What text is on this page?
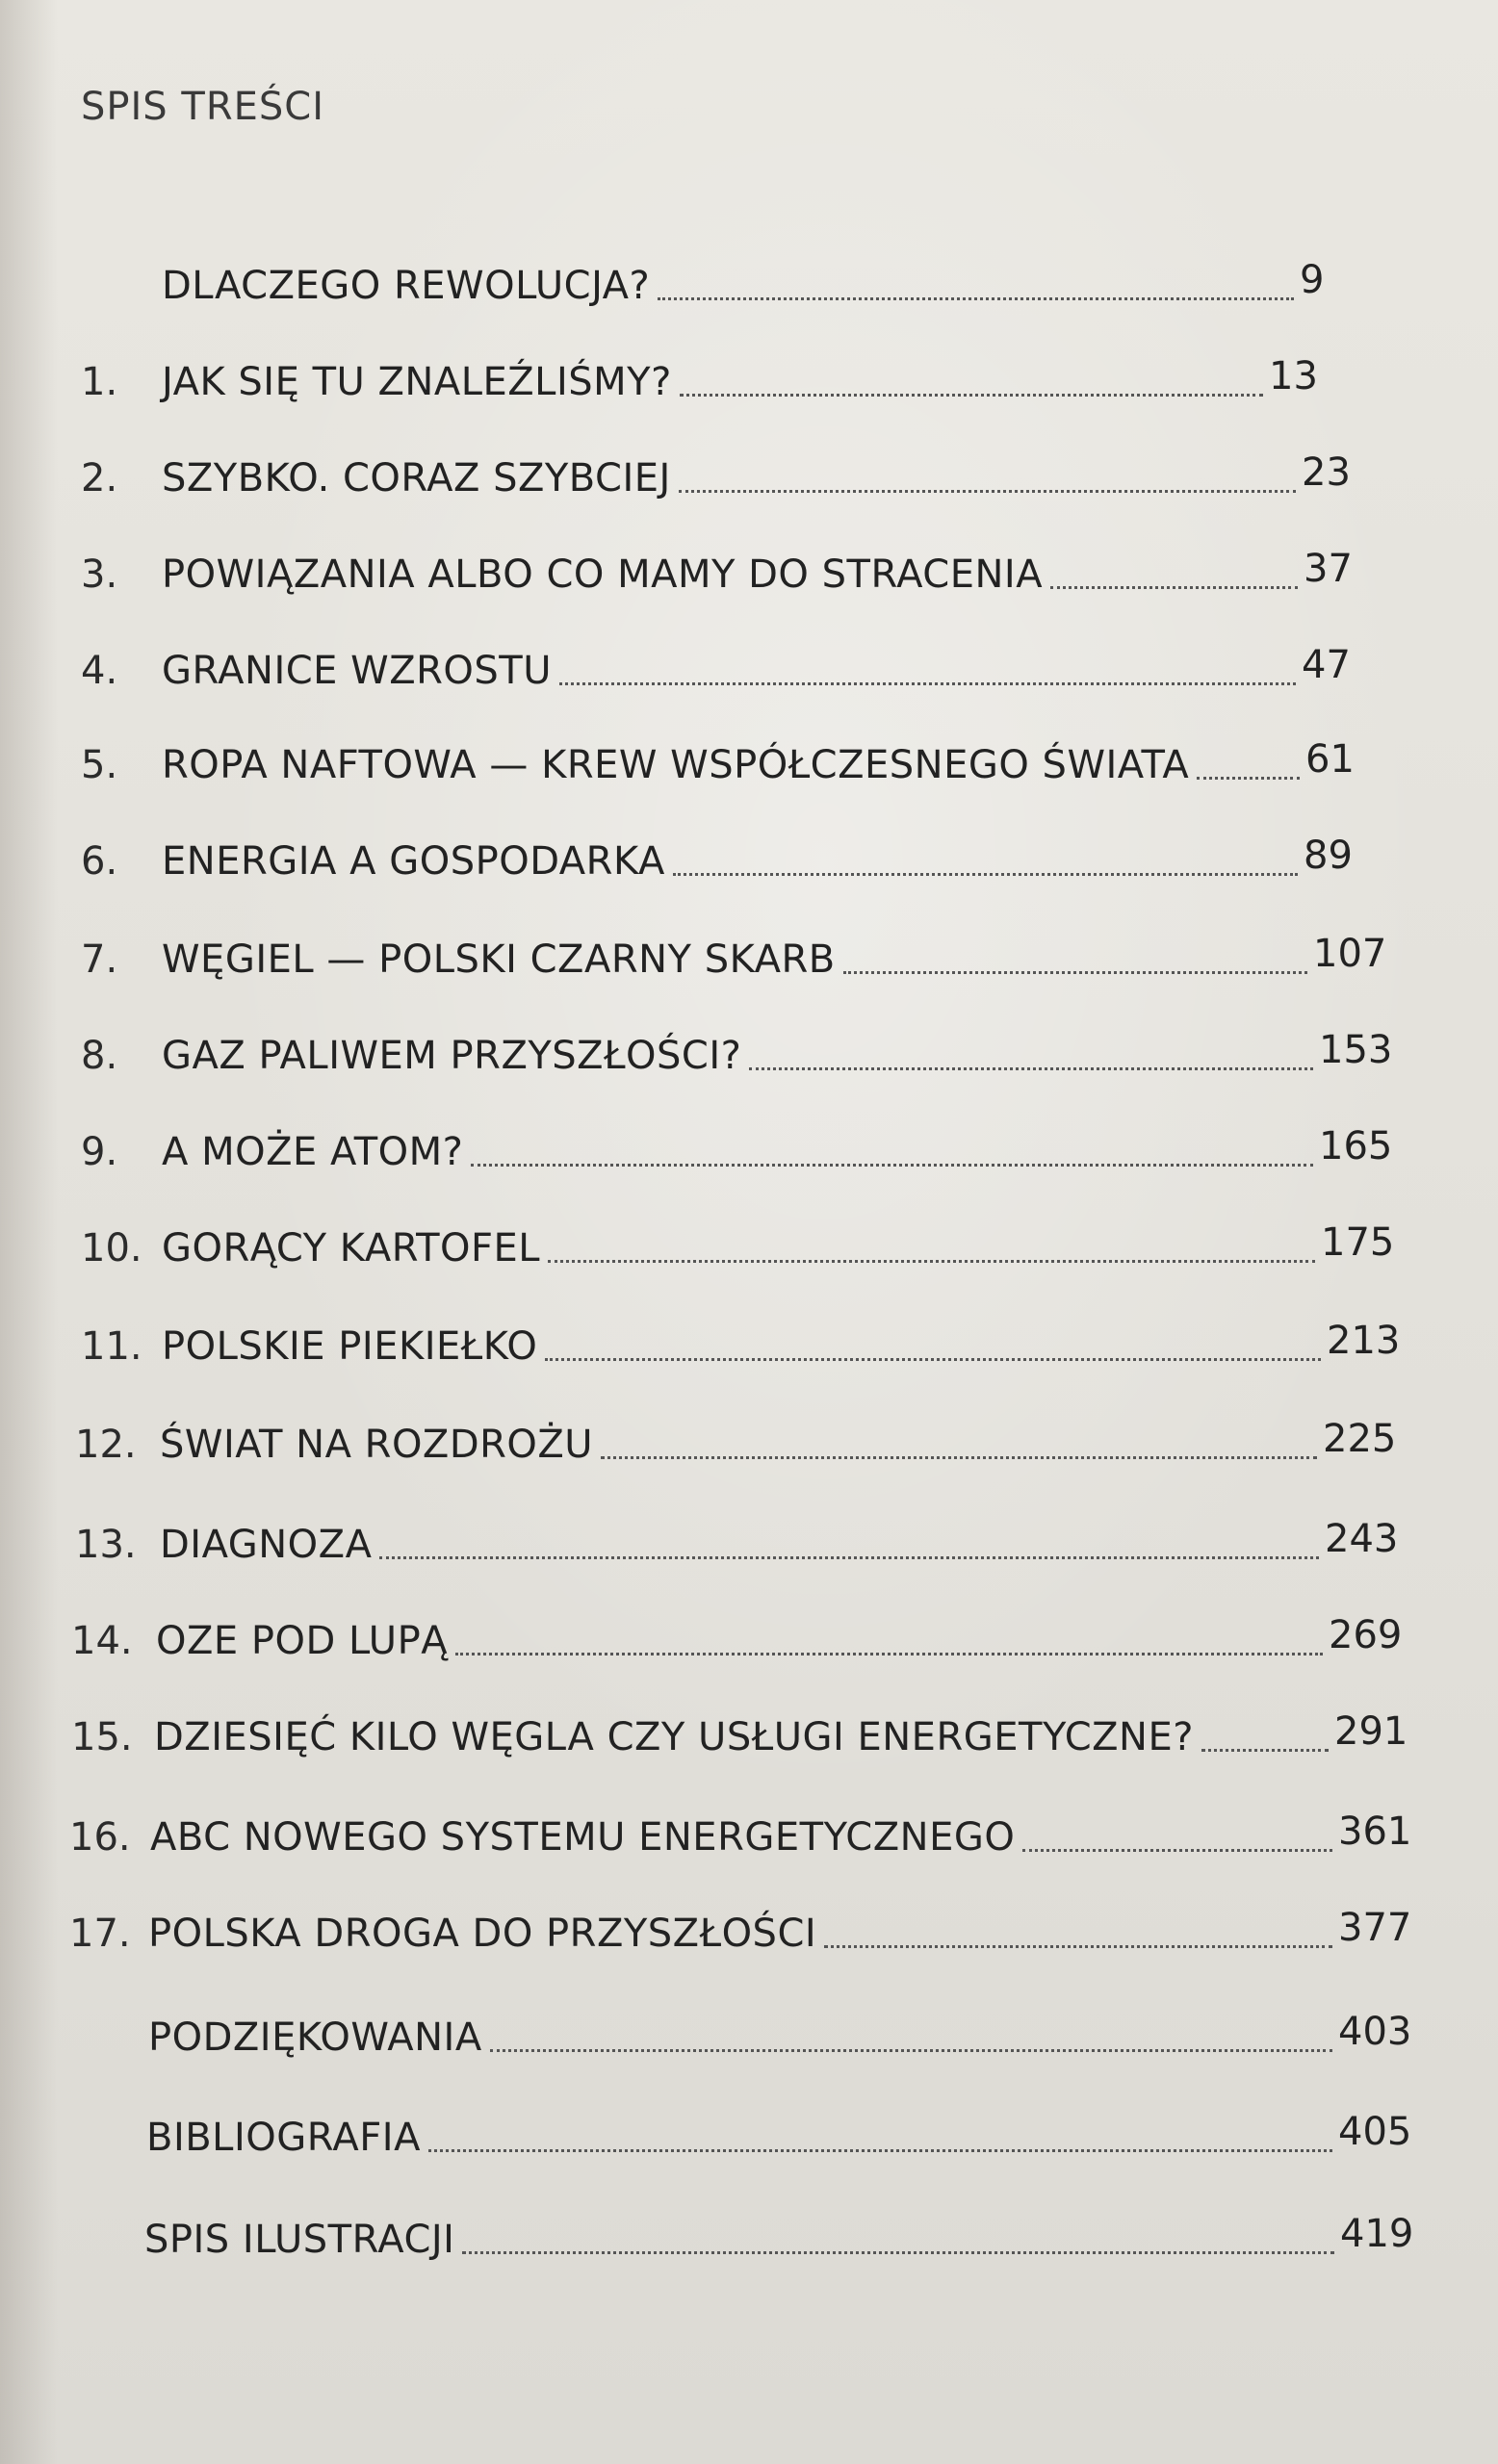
SPIS TREŚCI
DLACZEGO REWOLUCJA?	9
1. JAK SIĘ TU ZNALEŹLIŚMY?	13
2. SZYBKO. CORAZ SZYBCIEJ	23
3. POWIĄZANIA ALBO CO MAMY DO STRACENIA	37
4. GRANICE WZROSTU	47
5. ROPA NAFTOWA — KREW WSPÓŁCZESNEGO ŚWIATA	61
6. ENERGIA A GOSPODARKA	89
7. WĘGIEL — POLSKI CZARNY SKARB	107
8. GAZ PALIWEM PRZYSZŁOŚCI?	153
9. A MOŻE ATOM?	165
10. GORĄCY KARTOFEL	175
11. POLSKIE PIEKIEŁKO	213
12. ŚWIAT NA ROZDROŻU	225
13. DIAGNOZA	243
14. OZE POD LUPĄ	269
15. DZIESIĘĆ KILO WĘGLA CZY USŁUGI ENERGETYCZNE?	291
16. ABC NOWEGO SYSTEMU ENERGETYCZNEGO	361
17. POLSKA DROGA DO PRZYSZŁOŚCI	377
PODZIĘKOWANIA	403
BIBLIOGRAFIA	405
SPIS ILUSTRACJI	419
